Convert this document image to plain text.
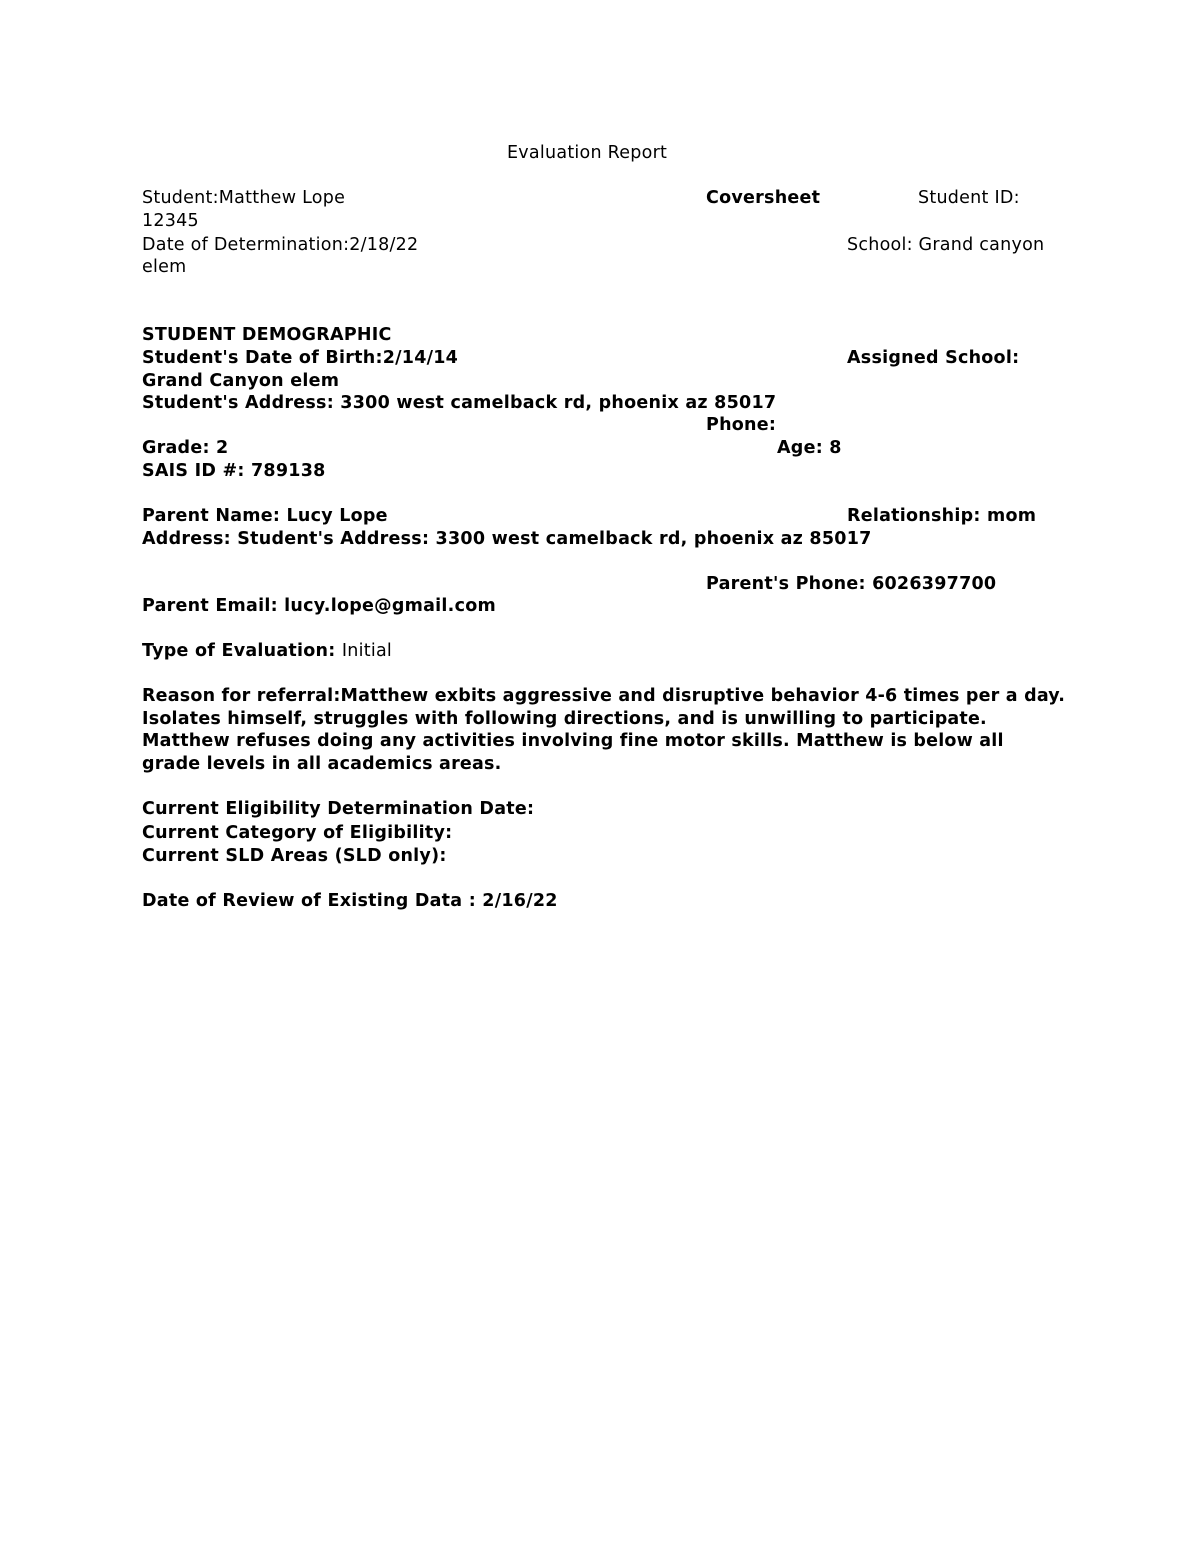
Evaluation Report
Student:Matthew Lope	Coversheet	Student ID:
12345
Date of Determination:2/18/22	School: Grand canyon
elem
STUDENT DEMOGRAPHIC
Student's Date of Birth:2/14/14	Assigned School:
Grand Canyon elem
Student's Address: 3300 west camelback rd, phoenix az 85017
Phone:
Grade: 2	Age: 8
SAIS ID #: 789138
Parent Name: Lucy Lope	Relationship: mom
Address: Student's Address: 3300 west camelback rd, phoenix az 85017
Parent's Phone: 6026397700
Parent Email: lucy.lope@gmail.com
Type of Evaluation: Initial
Reason for referral:Matthew exbits aggressive and disruptive behavior 4-6 times per a day. Isolates himself, struggles with following directions, and is unwilling to participate. Matthew refuses doing any activities involving fine motor skills. Matthew is below all grade levels in all academics areas.
Current Eligibility Determination Date:
Current Category of Eligibility:
Current SLD Areas (SLD only):
Date of Review of Existing Data : 2/16/22
